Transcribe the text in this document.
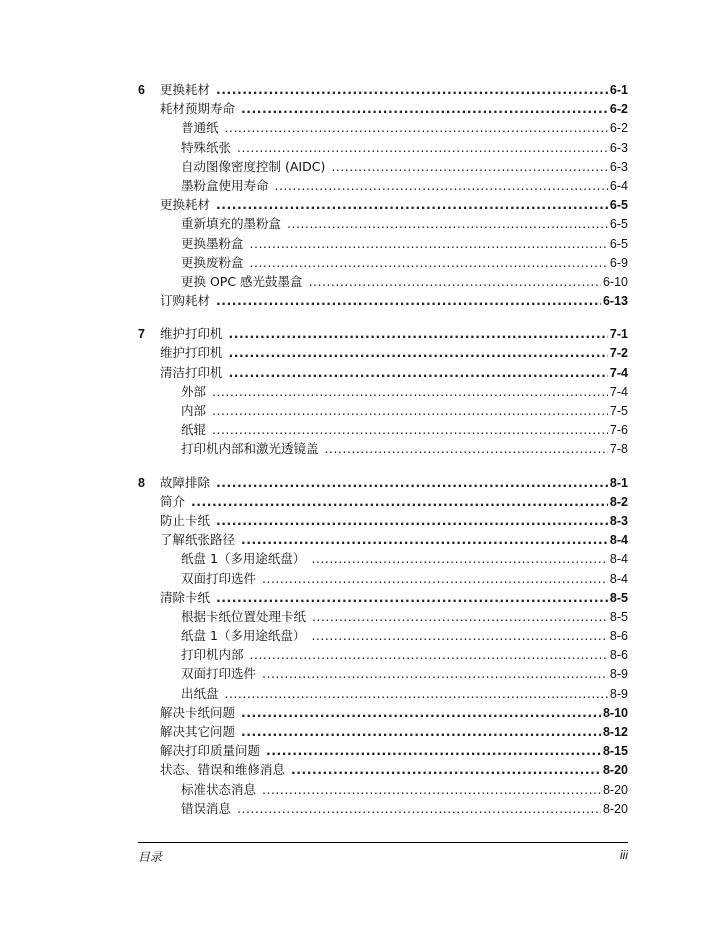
6	更换耗材 .....	6-1
耗材预期寿命 .....	6-2
普通纸 .....	6-2
特殊纸张 .....	6-3
自动图像密度控制 (AIDC) .....	6-3
墨粉盒使用寿命 .....	6-4
更换耗材 .....	6-5
重新填充的墨粉盒 .....	6-5
更换墨粉盒 .....	6-5
更换废粉盒 .....	6-9
更换 OPC 感光鼓墨盒 .....	6-10
订购耗材 .....	6-13
7	维护打印机 .....	7-1
维护打印机 .....	7-2
清洁打印机 .....	7-4
外部 .....	7-4
内部 .....	7-5
纸辊 .....	7-6
打印机内部和激光透镜盖 .....	7-8
8	故障排除 .....	8-1
简介 .....	8-2
防止卡纸 .....	8-3
了解纸张路径 .....	8-4
纸盘 1（多用途纸盘） .....	8-4
双面打印选件 .....	8-4
清除卡纸 .....	8-5
根据卡纸位置处理卡纸 .....	8-5
纸盘 1（多用途纸盘） .....	8-6
打印机内部 .....	8-6
双面打印选件 .....	8-9
出纸盘 .....	8-9
解决卡纸问题 .....	8-10
解决其它问题 .....	8-12
解决打印质量问题 .....	8-15
状态、错误和维修消息 .....	8-20
标准状态消息 .....	8-20
错误消息 .....	8-20
目录	iii
